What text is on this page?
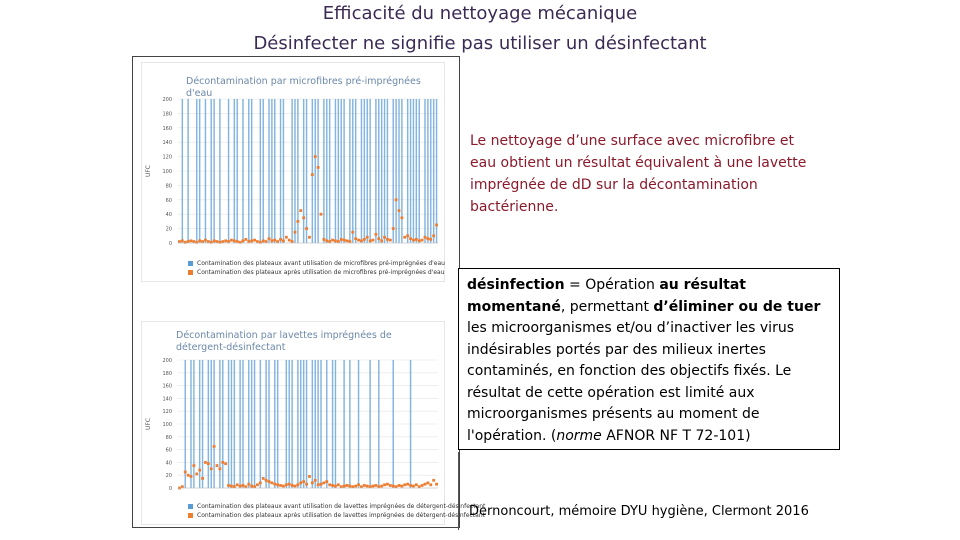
Efficacité du nettoyage mécanique
Désinfecter ne signifie pas utiliser un désinfectant
Décontamination par microfibres pré-imprégnées d'eau
0
20
40
60
80
100
120
140
160
180
200
UFC
Contamination des plateaux avant utilisation de microfibres pré-imprégnées d'eau
Contamination des plateaux après utilisation de microfibres pré-imprégnées d'eau
Décontamination par lavettes imprégnées de détergent-désinfectant
0
20
40
60
80
100
120
140
160
180
200
UFC
Contamination des plateaux avant utilisation de lavettes imprégnées de détergent-désinfectant
Contamination des plateaux après utilisation de lavettes imprégnées de détergent-désinfectant
Le nettoyage d’une surface avec microfibre et eau obtient un résultat équivalent à une lavette imprégnée de dD sur la décontamination bactérienne.
désinfection = Opération au résultat momentané, permettant d’éliminer ou de tuer les microorganismes et/ou d’inactiver les virus indésirables portés par des milieux inertes contaminés, en fonction des objectifs fixés. Le résultat de cette opération est limité aux microorganismes présents au moment de l'opération. (norme AFNOR NF T 72-101)
Dernoncourt, mémoire DYU hygiène, Clermont 2016
